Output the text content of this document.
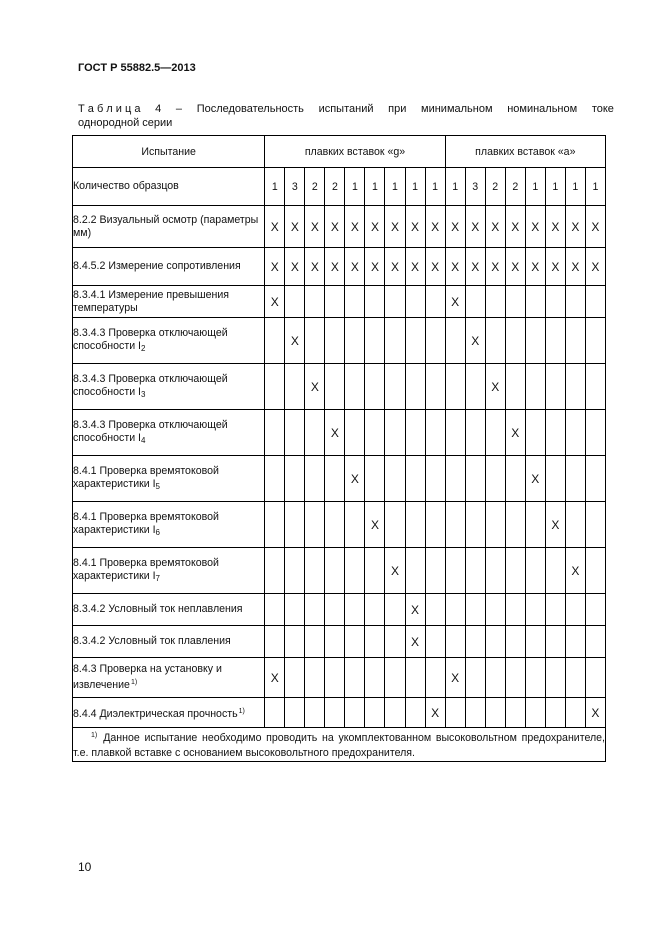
ГОСТ Р 55882.5—2013
Т а б л и ц а 4 – Последовательность испытаний при минимальном номинальном токе
однородной серии
Испытание	плавких вставок «g»									плавких вставок «a»							
Количество образцов	1	3	2	2	1	1	1	1	1	1	3	2	2	1	1	1	1
8.2.2 Визуальный осмотр (параметры мм)	X	X	X	X	X	X	X	X	X	X	X	X	X	X	X	X	X
8.4.5.2 Измерение сопротивления	X	X	X	X	X	X	X	X	X	X	X	X	X	X	X	X	X
8.3.4.1 Измерение превышения температуры	X									X							
8.3.4.3 Проверка отключающей способности $I_2$		X									X						
8.3.4.3 Проверка отключающей способности $I_3$			X									X					
8.3.4.3 Проверка отключающей способности $I_4$				X									X				
8.4.1 Проверка времятоковой характеристики $I_5$					X									X			
8.4.1 Проверка времятоковой характеристики $I_6$						X									X		
8.4.1 Проверка времятоковой характеристики $I_7$							X									X	
8.3.4.2 Условный ток неплавления								X									
8.3.4.2 Условный ток плавления								X									
8.4.3 Проверка на установку и извлечение$^{1)}$	X									X							
8.4.4 Диэлектрическая прочность$^{1)}$									X								X
$^{1)}$ Данное испытание необходимо проводить на укомплектованном высоковольтном предохранителе, т.е. плавкой вставке с основанием высоковольтного предохранителя.																	
10
